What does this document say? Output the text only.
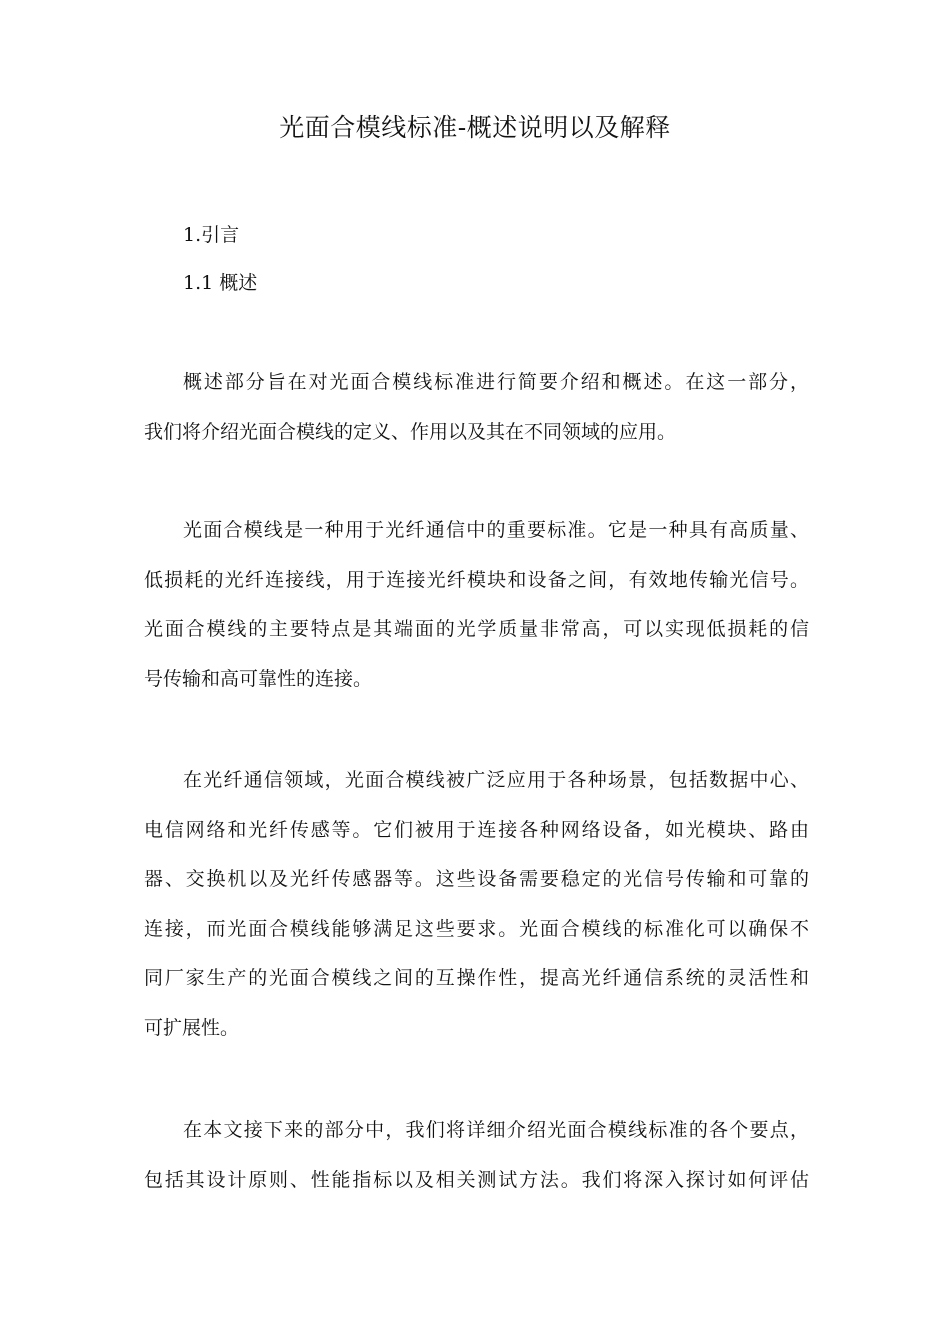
光面合模线标准-概述说明以及解释
1.引言
1.1 概述
概述部分旨在对光面合模线标准进行简要介绍和概述。在这一部分，
我们将介绍光面合模线的定义、作用以及其在不同领域的应用。
光面合模线是一种用于光纤通信中的重要标准。它是一种具有高质量、
低损耗的光纤连接线，用于连接光纤模块和设备之间，有效地传输光信号。
光面合模线的主要特点是其端面的光学质量非常高，可以实现低损耗的信
号传输和高可靠性的连接。
在光纤通信领域，光面合模线被广泛应用于各种场景，包括数据中心、
电信网络和光纤传感等。它们被用于连接各种网络设备，如光模块、路由
器、交换机以及光纤传感器等。这些设备需要稳定的光信号传输和可靠的
连接，而光面合模线能够满足这些要求。光面合模线的标准化可以确保不
同厂家生产的光面合模线之间的互操作性，提高光纤通信系统的灵活性和
可扩展性。
在本文接下来的部分中，我们将详细介绍光面合模线标准的各个要点，
包括其设计原则、性能指标以及相关测试方法。我们将深入探讨如何评估
